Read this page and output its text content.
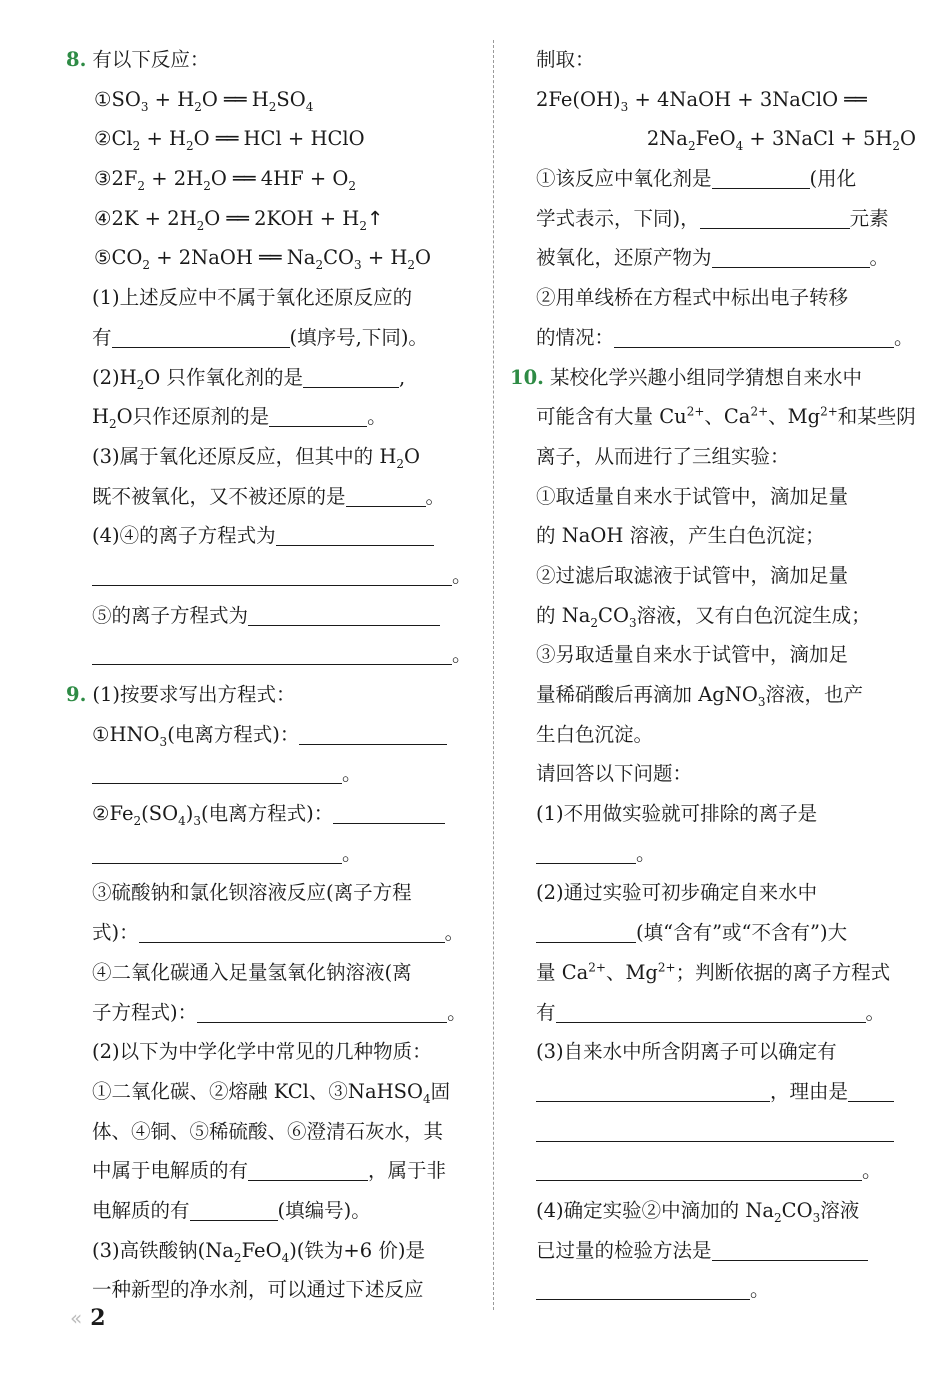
8. 有以下反应：
$①SO_3 + H_2O$ ══ $H_2SO_4$
$②Cl_2 + H_2O$ ══ HCl + HClO
$③2F_2 + 2H_2O$ ══ $4HF + O_2$
④2K + $2H_2O$ ══ $2KOH + H_2↑$
$⑤CO_2$ + 2NaOH ══ $Na_2CO_3 + H_2O$
(1)上述反应中不属于氧化还原反应的
有	(填序号,下同)。
$(2)H_2O$ 只作氧化剂的是	,
$H_2O$只作还原剂的是	。
(3)属于氧化还原反应，但其中的 $H_2O$
既不被氧化，又不被还原的是	。
(4)④的离子方程式为
。
⑤的离子方程式为
。
9. (1)按要求写出方程式：
$①HNO_3$(电离方程式)：
。
$②Fe_2(SO_4)_3$(电离方程式)：
。
③硫酸钠和氯化钡溶液反应(离子方程
式)：	。
④二氧化碳通入足量氢氧化钠溶液(离
子方程式)：	。
(2)以下为中学化学中常见的几种物质：
①二氧化碳、②熔融 KCl、③NaHSO$_4$固
体、④铜、⑤稀硫酸、⑥澄清石灰水，其
中属于电解质的有	，属于非
电解质的有	(填编号)。
(3)高铁酸钠$(Na_2FeO_4)$(铁为+6 价)是
一种新型的净水剂，可以通过下述反应
制取：
$2Fe(OH)_3$ + 4NaOH + 3NaClO ══
$2Na_2FeO_4$ + 3NaCl + $5H_2O$
①该反应中氧化剂是	(用化
学式表示，下同)，	元素
被氧化，还原产物为	。
②用单线桥在方程式中标出电子转移
的情况：	。
10. 某校化学兴趣小组同学猜想自来水中
可能含有大量 $Cu^{2+}$、$Ca^{2+}$、$Mg^{2+}$和某些阴
离子，从而进行了三组实验：
①取适量自来水于试管中，滴加足量
的 NaOH 溶液，产生白色沉淀；
②过滤后取滤液于试管中，滴加足量
的 $Na_2CO_3$溶液，又有白色沉淀生成；
③另取适量自来水于试管中，滴加足
量稀硝酸后再滴加 AgNO$_3$溶液，也产
生白色沉淀。
请回答以下问题：
(1)不用做实验就可排除的离子是
。
(2)通过实验可初步确定自来水中
(填“含有”或“不含有”)大
量 $Ca^{2+}$、$Mg^{2+}$；判断依据的离子方程式
有	。
(3)自来水中所含阴离子可以确定有
，理由是
。
(4)确定实验②中滴加的 $Na_2CO_3$溶液
已过量的检验方法是
。
« 2
